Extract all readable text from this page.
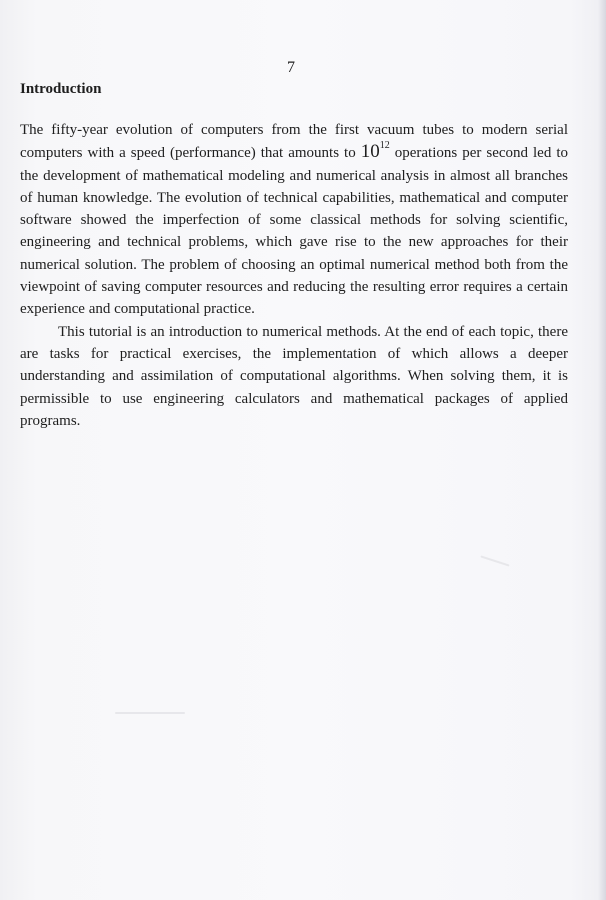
7
Introduction

The fifty-year evolution of computers from the first vacuum tubes to modern serial computers with a speed (performance) that amounts to $10^{12}$ operations per second led to the development of mathematical modeling and numerical analysis in almost all branches of human knowledge. The evolution of technical capabilities, mathematical and computer software showed the imperfection of some classical methods for solving scientific, engineering and technical problems, which gave rise to the new approaches for their numerical solution. The problem of choosing an optimal numerical method both from the viewpoint of saving computer resources and reducing the resulting error requires a certain experience and computational practice.

This tutorial is an introduction to numerical methods. At the end of each topic, there are tasks for practical exercises, the implementation of which allows a deeper understanding and assimilation of computational algorithms. When solving them, it is permissible to use engineering calculators and mathematical packages of applied programs.
